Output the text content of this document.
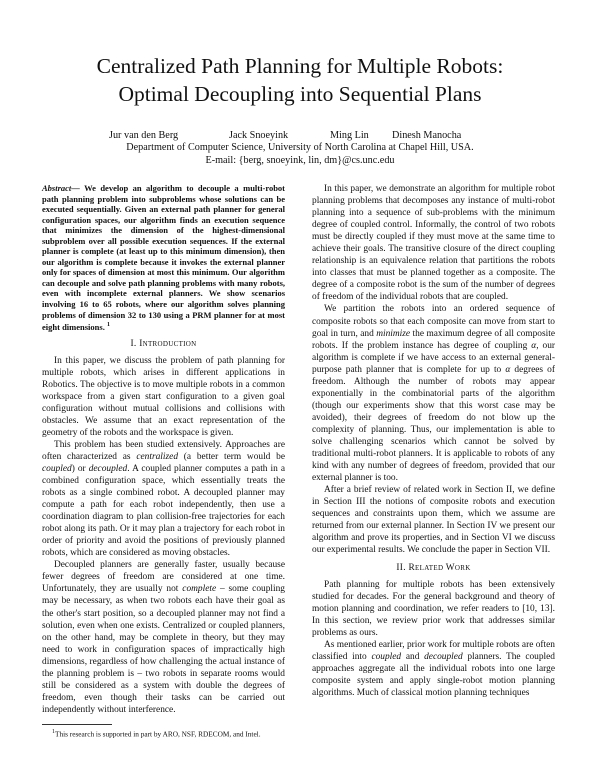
Centralized Path Planning for Multiple Robots:
Optimal Decoupling into Sequential Plans
Jur van den Berg	Jack Snoeyink	Ming Lin Dinesh Manocha
Department of Computer Science, University of North Carolina at Chapel Hill, USA.
E-mail: {berg, snoeyink, lin, dm}@cs.unc.edu
Abstract— We develop an algorithm to decouple a multi-robot path planning problem into subproblems whose solutions can be executed sequentially. Given an external path planner for general configuration spaces, our algorithm finds an execution sequence that minimizes the dimension of the highest-dimensional subproblem over all possible execution sequences. If the external planner is complete (at least up to this minimum dimension), then our algorithm is complete because it invokes the external planner only for spaces of dimension at most this minimum. Our algorithm can decouple and solve path planning problems with many robots, even with incomplete external planners. We show scenarios involving 16 to 65 robots, where our algorithm solves planning problems of dimension 32 to 130 using a PRM planner for at most eight dimensions. $^1$
I. Introduction

In this paper, we discuss the problem of path planning for multiple robots, which arises in different applications in Robotics. The objective is to move multiple robots in a common workspace from a given start configuration to a given goal configuration without mutual collisions and collisions with obstacles. We assume that an exact representation of the geometry of the robots and the workspace is given.

This problem has been studied extensively. Approaches are often characterized as centralized (a better term would be coupled) or decoupled. A coupled planner computes a path in a combined configuration space, which essentially treats the robots as a single combined robot. A decoupled planner may compute a path for each robot independently, then use a coordination diagram to plan collision-free trajectories for each robot along its path. Or it may plan a trajectory for each robot in order of priority and avoid the positions of previously planned robots, which are considered as moving obstacles.

Decoupled planners are generally faster, usually because fewer degrees of freedom are considered at one time. Unfortunately, they are usually not complete – some coupling may be necessary, as when two robots each have their goal as the other's start position, so a decoupled planner may not find a solution, even when one exists. Centralized or coupled planners, on the other hand, may be complete in theory, but they may need to work in configuration spaces of impractically high dimensions, regardless of how challenging the actual instance of the planning problem is – two robots in separate rooms would still be considered as a system with double the degrees of freedom, even though their tasks can be carried out independently without interference.

$^1$This research is supported in part by ARO, NSF, RDECOM, and Intel.

In this paper, we demonstrate an algorithm for multiple robot planning problems that decomposes any instance of multi-robot planning into a sequence of sub-problems with the minimum degree of coupled control. Informally, the control of two robots must be directly coupled if they must move at the same time to achieve their goals. The transitive closure of the direct coupling relationship is an equivalence relation that partitions the robots into classes that must be planned together as a composite. The degree of a composite robot is the sum of the number of degrees of freedom of the individual robots that are coupled.

We partition the robots into an ordered sequence of composite robots so that each composite can move from start to goal in turn, and minimize the maximum degree of all composite robots. If the problem instance has degree of coupling α, our algorithm is complete if we have access to an external general-purpose path planner that is complete for up to α degrees of freedom. Although the number of robots may appear exponentially in the combinatorial parts of the algorithm (though our experiments show that this worst case may be avoided), their degrees of freedom do not blow up the complexity of planning. Thus, our implementation is able to solve challenging scenarios which cannot be solved by traditional multi-robot planners. It is applicable to robots of any kind with any number of degrees of freedom, provided that our external planner is too.

After a brief review of related work in Section II, we define in Section III the notions of composite robots and execution sequences and constraints upon them, which we assume are returned from our external planner. In Section IV we present our algorithm and prove its properties, and in Section VI we discuss our experimental results. We conclude the paper in Section VII.

II. Related Work

Path planning for multiple robots has been extensively studied for decades. For the general background and theory of motion planning and coordination, we refer readers to [10, 13]. In this section, we review prior work that addresses similar problems as ours.

As mentioned earlier, prior work for multiple robots are often classified into coupled and decoupled planners. The coupled approaches aggregate all the individual robots into one large composite system and apply single-robot motion planning algorithms. Much of classical motion planning techniques
